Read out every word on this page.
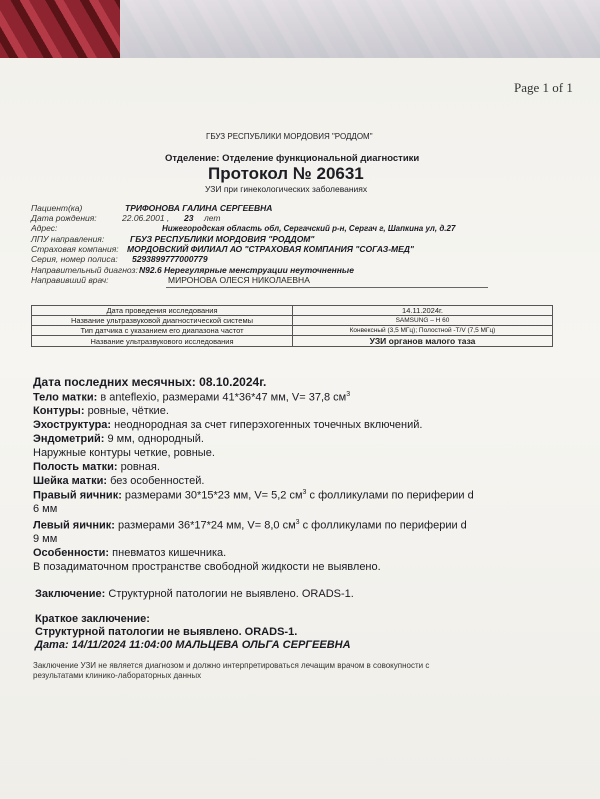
Page 1 of 1
ГБУЗ РЕСПУБЛИКИ МОРДОВИЯ "РОДДОМ"
Отделение: Отделение функциональной диагностики
Протокол № 20631
УЗИ при гинекологических заболеваниях
Пациент(ка)	ТРИФОНОВА ГАЛИНА СЕРГЕЕВНА
Дата рождения:	22.06.2001 , 23 лет
Адрес:	Нижегородская область обл, Сергачский р-н, Сергач г, Шапкина ул, д.27
ЛПУ направления:	ГБУЗ РЕСПУБЛИКИ МОРДОВИЯ "РОДДОМ"
Страховая компания: МОРДОВСКИЙ ФИЛИАЛ АО "СТРАХОВАЯ КОМПАНИЯ "СОГАЗ-МЕД"
Серия, номер полиса: 5293899777000779
Направительный диагноз: N92.6 Нерегулярные менструации неуточненные
Направивший врач:	МИРОНОВА ОЛЕСЯ НИКОЛАЕВНА
Дата проведения исследования	14.11.2024г.
Название ультразвуковой диагностической системы	SAMSUNG – H 60
Тип датчика с указанием его диапазона частот	Конвексный (3,5 МГц); Полостной -T/V (7,5 МГц)
Название ультразвукового исследования	УЗИ органов малого таза
Дата последних месячных: 08.10.2024г.
Тело матки: в anteflexio, размерами 41*36*47 мм, V= 37,8 $см^3$
Контуры: ровные, чёткие.
Эхоструктура: неоднородная за счет гиперэхогенных точечных включений.
Эндометрий: 9 мм, однородный.
Наружные контуры четкие, ровные.
Полость матки: ровная.
Шейка матки: без особенностей.
Правый яичник: размерами 30*15*23 мм, V= 5,2 $см^3$ с фолликулами по периферии d
6 мм
Левый яичник: размерами 36*17*24 мм, V= 8,0 $см^3$ с фолликулами по периферии d
9 мм
Особенности: пневматоз кишечника.
В позадиматочном пространстве свободной жидкости не выявлено.
Заключение: Структурной патологии не выявлено. ORADS-1.
Краткое заключение:
Структурной патологии не выявлено. ORADS-1.
Дата: 14/11/2024 11:04:00 МАЛЬЦЕВА ОЛЬГА СЕРГЕЕВНА
Заключение УЗИ не является диагнозом и должно интерпретироваться лечащим врачом в совокупности с
результатами клинико-лабораторных данных
